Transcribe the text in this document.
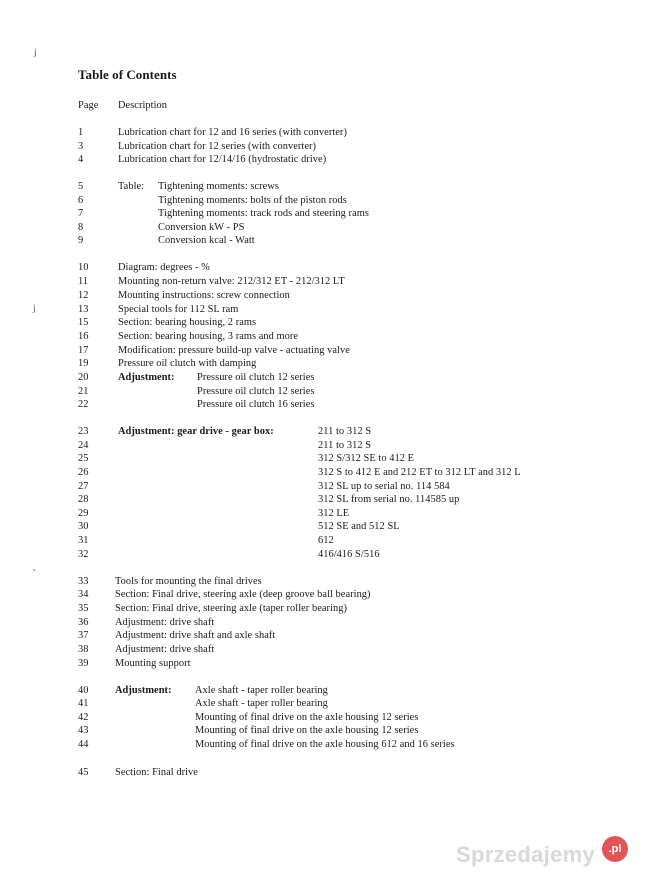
j
j
,
Table of Contents
Page Description
1	Lubrication chart for 12 and 16 series (with converter)
3	Lubrication chart for 12 series (with converter)
4	Lubrication chart for 12/14/16 (hydrostatic drive)
5	Table: Tightening moments: screws
6	Tightening moments: bolts of the piston rods
7	Tightening moments: track rods and steering rams
8	Conversion kW - PS
9	Conversion kcal - Watt
10	Diagram: degrees - %
11	Mounting non-return valve: 212/312 ET - 212/312 LT
12	Mounting instructions: screw connection
13	Special tools for 112 SL ram
15	Section: bearing housing, 2 rams
16	Section: bearing housing, 3 rams and more
17	Modification: pressure build-up valve - actuating valve
19	Pressure oil clutch with damping
20	Adjustment: Pressure oil clutch 12 series
21	Pressure oil clutch 12 series
22	Pressure oil clutch 16 series
23	Adjustment: gear drive - gear box:	211 to 312 S
24	211 to 312 S
25	312 S/312 SE to 412 E
26	312 S to 412 E and 212 ET to 312 LT and 312 L
27	312 SL up to serial no. 114 584
28	312 SL from serial no. 114585 up
29	312 LE
30	512 SE and 512 SL
31	612
32	416/416 S/516
33	Tools for mounting the final drives
34	Section: Final drive, steering axle (deep groove ball bearing)
35	Section: Final drive, steering axle (taper roller bearing)
36	Adjustment: drive shaft
37	Adjustment: drive shaft and axle shaft
38	Adjustment: drive shaft
39	Mounting support
40	Adjustment: Axle shaft - taper roller bearing
41	Axle shaft - taper roller bearing
42	Mounting of final drive on the axle housing 12 series
43	Mounting of final drive on the axle housing 12 series
44	Mounting of final drive on the axle housing 612 and 16 series
45	Section: Final drive
Sprzedajemy	.pl
